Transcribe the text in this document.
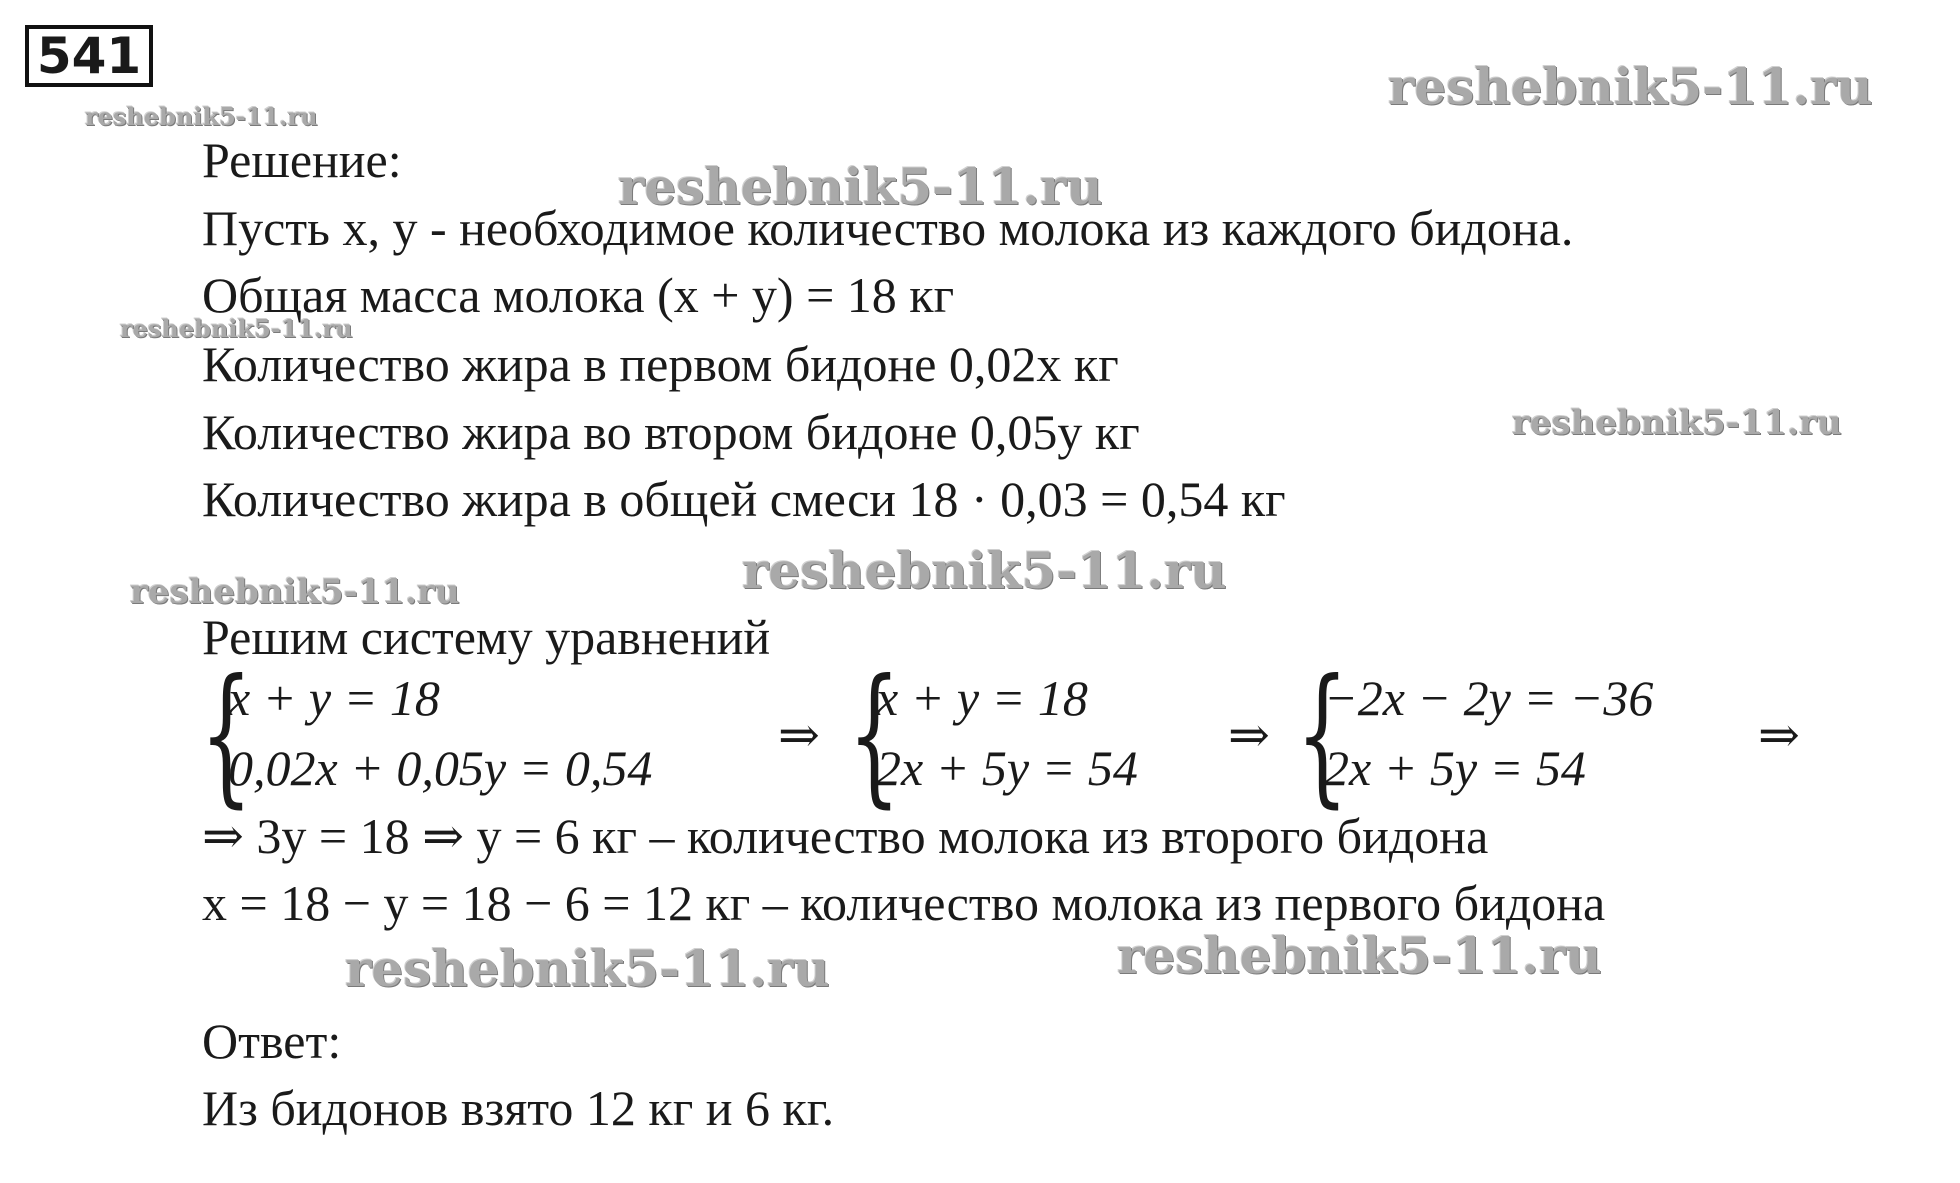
541
reshebnik5-11.ru
reshebnik5-11.ru
reshebnik5-11.ru
reshebnik5-11.ru
reshebnik5-11.ru
reshebnik5-11.ru	reshebnik5-11.ru
reshebnik5-11.ru	reshebnik5-11.ru
Решение:
Пусть x, y - необходимое количество молока из каждого бидона.
Общая масса молока (x + y) = 18 кг
Количество жира в первом бидоне 0,02x кг
Количество жира во втором бидоне 0,05y кг
Количество жира в общей смеси 18 · 0,03 = 0,54 кг
Решим систему уравнений
{
x + y = 18
0,02x + 0,05y = 0,54
⇒ {
x + y = 18
2x + 5y = 54
⇒ {
−2x − 2y = −36
2x + 5y = 54
⇒
⇒ 3y = 18 ⇒ y = 6 кг – количество молока из второго бидона
x = 18 − y = 18 − 6 = 12 кг – количество молока из первого бидона
Ответ:
Из бидонов взято 12 кг и 6 кг.
